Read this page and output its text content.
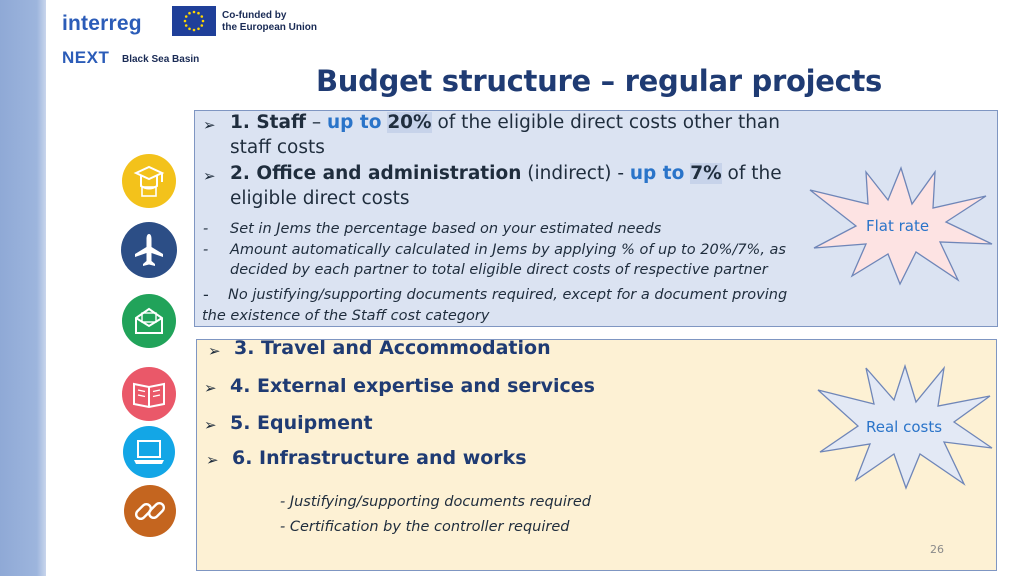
interreg	Co-funded by
the European Union
NEXT Black Sea Basin
Budget structure – regular projects
➢ 1. Staff – up to 20% of the eligible direct costs other than
staff costs
➢ 2. Office and administration (indirect) - up to 7% of the
eligible direct costs
- Set in Jems the percentage based on your estimated needs
- Amount automatically calculated in Jems by applying % of up to 20%/7%, as
decided by each partner to total eligible direct costs of respective partner
- No justifying/supporting documents required, except for a document proving
the existence of the Staff cost category
Flat rate
➢ 3. Travel and Accommodation
➢ 4. External expertise and services
➢ 5. Equipment
➢ 6. Infrastructure and works
- Justifying/supporting documents required
- Certification by the controller required
Real costs
26
